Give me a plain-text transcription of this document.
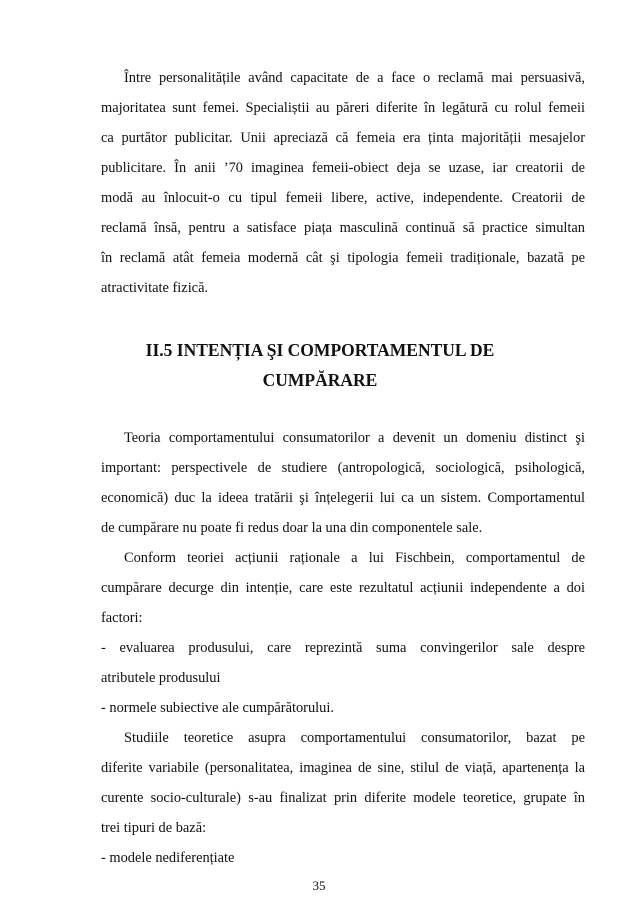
Între personalitățile având capacitate de a face o reclamă mai persuasivă,
majoritatea sunt femei. Specialiștii au păreri diferite în legătură cu rolul femeii
ca purtător publicitar. Unii apreciază că femeia era ținta majorității mesajelor
publicitare. În anii ’70 imaginea femeii-obiect deja se uzase, iar creatorii de
modă au înlocuit-o cu tipul femeii libere, active, independente. Creatorii de
reclamă însă, pentru a satisface piața masculină continuă să practice simultan
în reclamă atât femeia modernă cât şi tipologia femeii tradiționale, bazată pe
atractivitate fizică.
II.5 INTENȚIA ŞI COMPORTAMENTUL DE
CUMPĂRARE
Teoria comportamentului consumatorilor a devenit un domeniu distinct şi
important: perspectivele de studiere (antropologică, sociologică, psihologică,
economică) duc la ideea tratării şi înțelegerii lui ca un sistem. Comportamentul
de cumpărare nu poate fi redus doar la una din componentele sale.
Conform teoriei acțiunii raționale a lui Fischbein, comportamentul de
cumpărare decurge din intenție, care este rezultatul acțiunii independente a doi
factori:
- evaluarea produsului, care reprezintă suma convingerilor sale despre
atributele produsului
- normele subiective ale cumpărătorului.
Studiile teoretice asupra comportamentului consumatorilor, bazat pe
diferite variabile (personalitatea, imaginea de sine, stilul de viață, apartenența la
curente socio-culturale) s-au finalizat prin diferite modele teoretice, grupate în
trei tipuri de bază:
- modele nediferențiate
35
